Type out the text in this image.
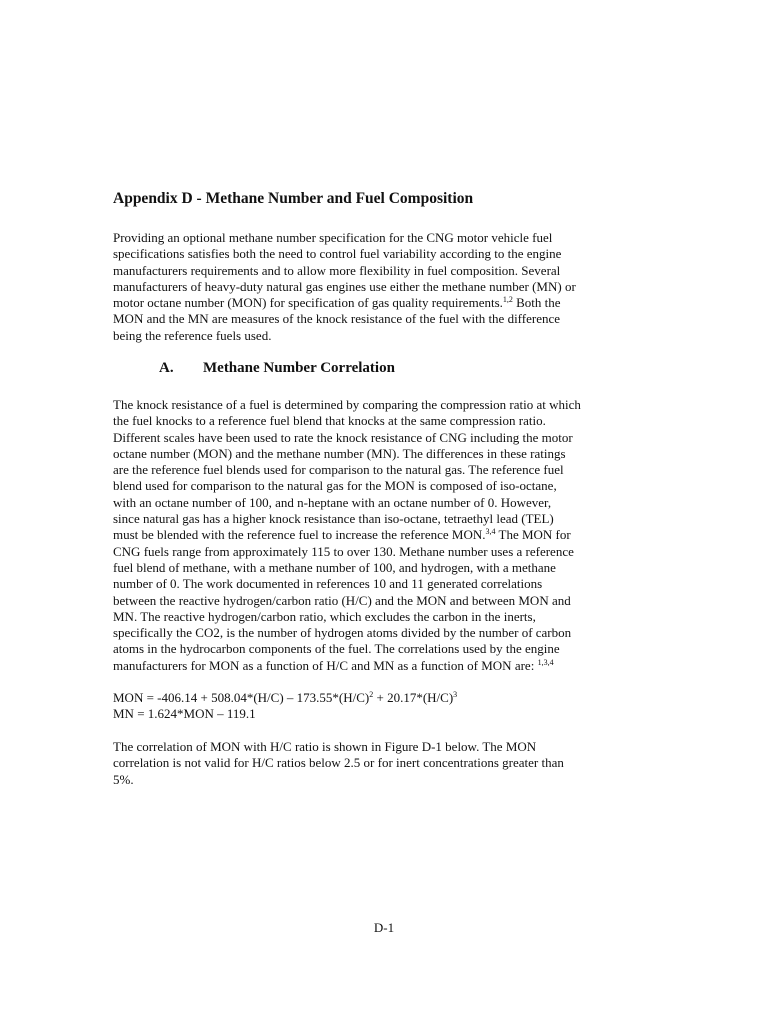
Appendix D - Methane Number and Fuel Composition

Providing an optional methane number specification for the CNG motor vehicle fuel
specifications satisfies both the need to control fuel variability according to the engine
manufacturers requirements and to allow more flexibility in fuel composition. Several
manufacturers of heavy-duty natural gas engines use either the methane number (MN) or
motor octane number (MON) for specification of gas quality requirements.$^{1,2}$ Both the
MON and the MN are measures of the knock resistance of the fuel with the difference
being the reference fuels used.

A. Methane Number Correlation

The knock resistance of a fuel is determined by comparing the compression ratio at which
the fuel knocks to a reference fuel blend that knocks at the same compression ratio.
Different scales have been used to rate the knock resistance of CNG including the motor
octane number (MON) and the methane number (MN). The differences in these ratings
are the reference fuel blends used for comparison to the natural gas. The reference fuel
blend used for comparison to the natural gas for the MON is composed of iso-octane,
with an octane number of 100, and n-heptane with an octane number of 0. However,
since natural gas has a higher knock resistance than iso-octane, tetraethyl lead (TEL)
must be blended with the reference fuel to increase the reference MON.$^{3,4}$ The MON for
CNG fuels range from approximately 115 to over 130. Methane number uses a reference
fuel blend of methane, with a methane number of 100, and hydrogen, with a methane
number of 0. The work documented in references 10 and 11 generated correlations
between the reactive hydrogen/carbon ratio (H/C) and the MON and between MON and
MN. The reactive hydrogen/carbon ratio, which excludes the carbon in the inerts,
specifically the CO2, is the number of hydrogen atoms divided by the number of carbon
atoms in the hydrocarbon components of the fuel. The correlations used by the engine
manufacturers for MON as a function of H/C and MN as a function of MON are: $^{1,3,4}$

MON = $-406.14 + 508.04*(H/C) - 173.55*(H/C)^2 + 20.17*(H/C)^3$

MN = 1.624*MON – 119.1

The correlation of MON with H/C ratio is shown in Figure D-1 below. The MON
correlation is not valid for H/C ratios below 2.5 or for inert concentrations greater than
5%.

D-1
